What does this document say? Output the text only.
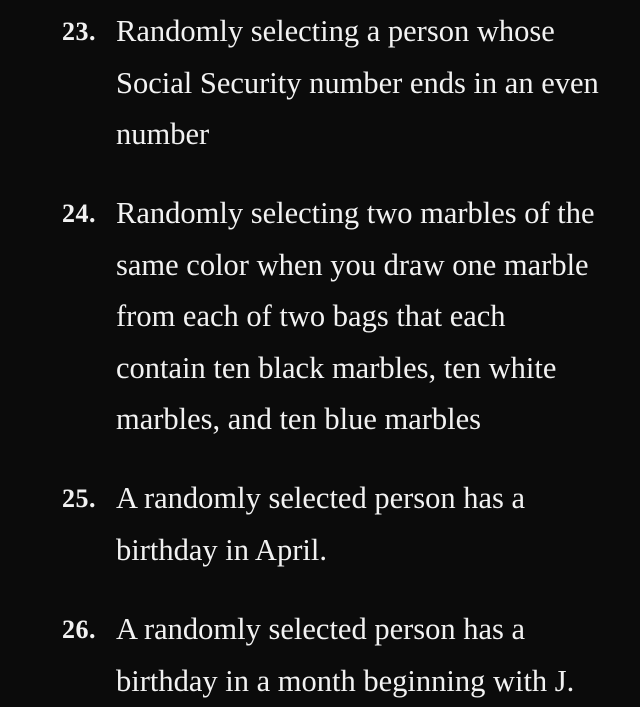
23. Randomly selecting a person whose
Social Security number ends in an even
number
24. Randomly selecting two marbles of the
same color when you draw one marble
from each of two bags that each
contain ten black marbles, ten white
marbles, and ten blue marbles
25. A randomly selected person has a
birthday in April.
26. A randomly selected person has a
birthday in a month beginning with J.
